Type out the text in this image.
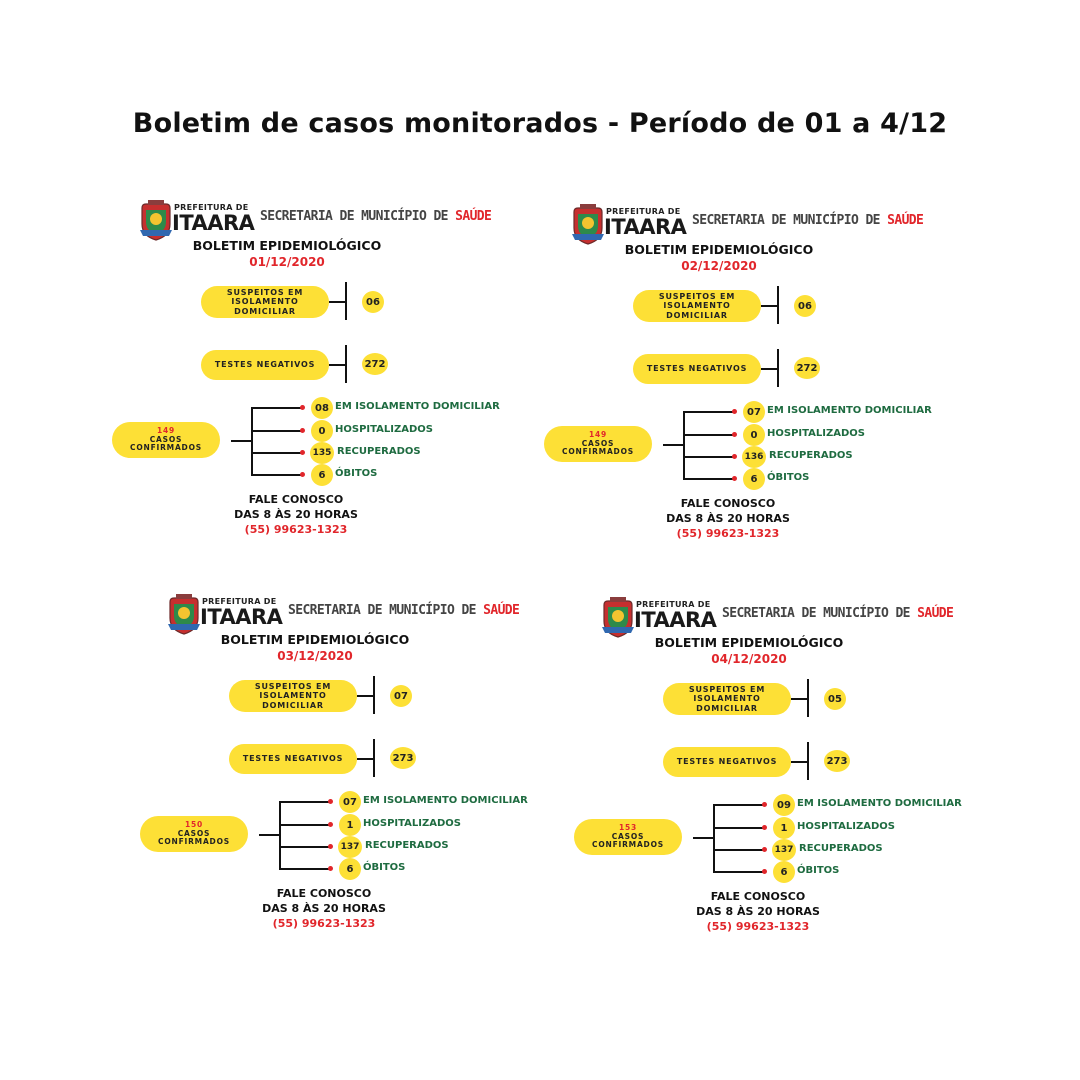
Boletim de casos monitorados - Período de 01 a 4/12
PREFEITURA DE
ITAARA SECRETARIA DE MUNICÍPIO DE SAÚDE
BOLETIM EPIDEMIOLÓGICO
01/12/2020
SUSPEITOS EM
ISOLAMENTO DOMICILIAR
06
TESTES NEGATIVOS	272
149
CASOS
CONFIRMADOS
08 EM ISOLAMENTO DOMICILIAR
0 HOSPITALIZADOS
135 RECUPERADOS
6 ÓBITOS
FALE CONOSCO
DAS 8 ÀS 20 HORAS
(55) 99623-1323
PREFEITURA DE
ITAARA SECRETARIA DE MUNICÍPIO DE SAÚDE
BOLETIM EPIDEMIOLÓGICO
02/12/2020
SUSPEITOS EM
ISOLAMENTO DOMICILIAR
06
TESTES NEGATIVOS	272
149
CASOS
CONFIRMADOS
07 EM ISOLAMENTO DOMICILIAR
0 HOSPITALIZADOS
136 RECUPERADOS
6 ÓBITOS
FALE CONOSCO
DAS 8 ÀS 20 HORAS
(55) 99623-1323
PREFEITURA DE
ITAARA SECRETARIA DE MUNICÍPIO DE SAÚDE
BOLETIM EPIDEMIOLÓGICO
03/12/2020
SUSPEITOS EM
ISOLAMENTO DOMICILIAR
07
TESTES NEGATIVOS	273
150
CASOS
CONFIRMADOS
07 EM ISOLAMENTO DOMICILIAR
1 HOSPITALIZADOS
137 RECUPERADOS
6 ÓBITOS
FALE CONOSCO
DAS 8 ÀS 20 HORAS
(55) 99623-1323
PREFEITURA DE
ITAARA SECRETARIA DE MUNICÍPIO DE SAÚDE
BOLETIM EPIDEMIOLÓGICO
04/12/2020
SUSPEITOS EM
ISOLAMENTO DOMICILIAR
05
TESTES NEGATIVOS	273
153
CASOS
CONFIRMADOS
09 EM ISOLAMENTO DOMICILIAR
1 HOSPITALIZADOS
137 RECUPERADOS
6 ÓBITOS
FALE CONOSCO
DAS 8 ÀS 20 HORAS
(55) 99623-1323
